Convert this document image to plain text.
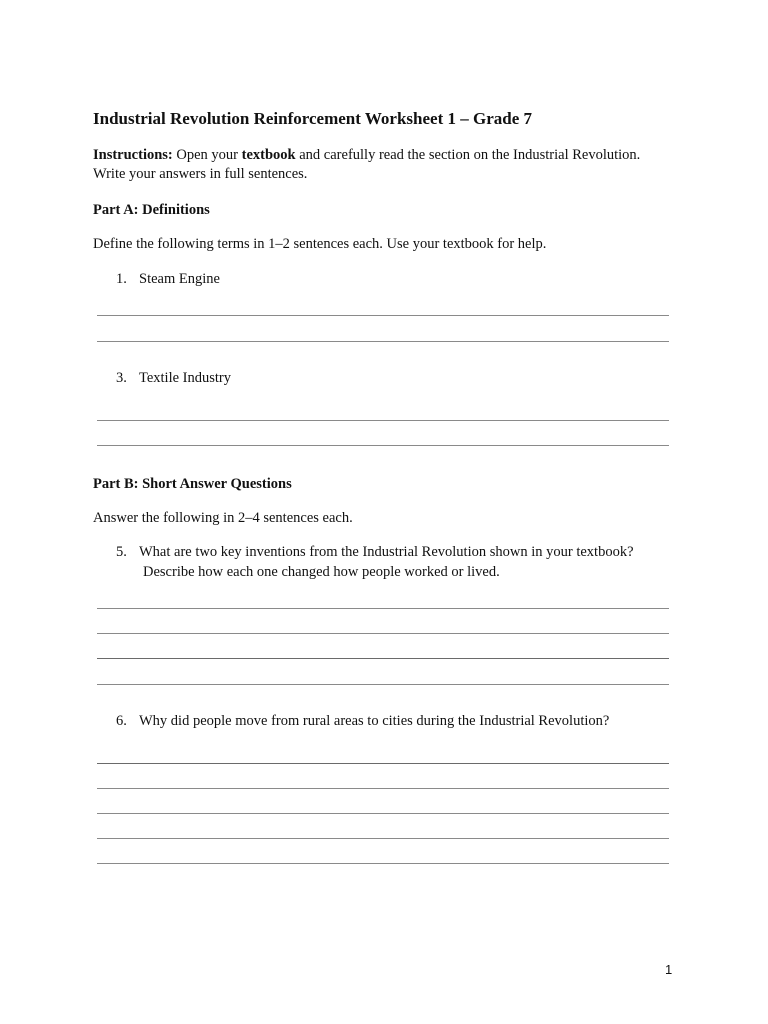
Industrial Revolution Reinforcement Worksheet 1 – Grade 7
Instructions: Open your textbook and carefully read the section on the Industrial Revolution. Write your answers in full sentences.
Part A: Definitions
Define the following terms in 1–2 sentences each. Use your textbook for help.
1. Steam Engine
3. Textile Industry
Part B: Short Answer Questions
Answer the following in 2–4 sentences each.
5. What are two key inventions from the Industrial Revolution shown in your textbook?
Describe how each one changed how people worked or lived.
6. Why did people move from rural areas to cities during the Industrial Revolution?
1
